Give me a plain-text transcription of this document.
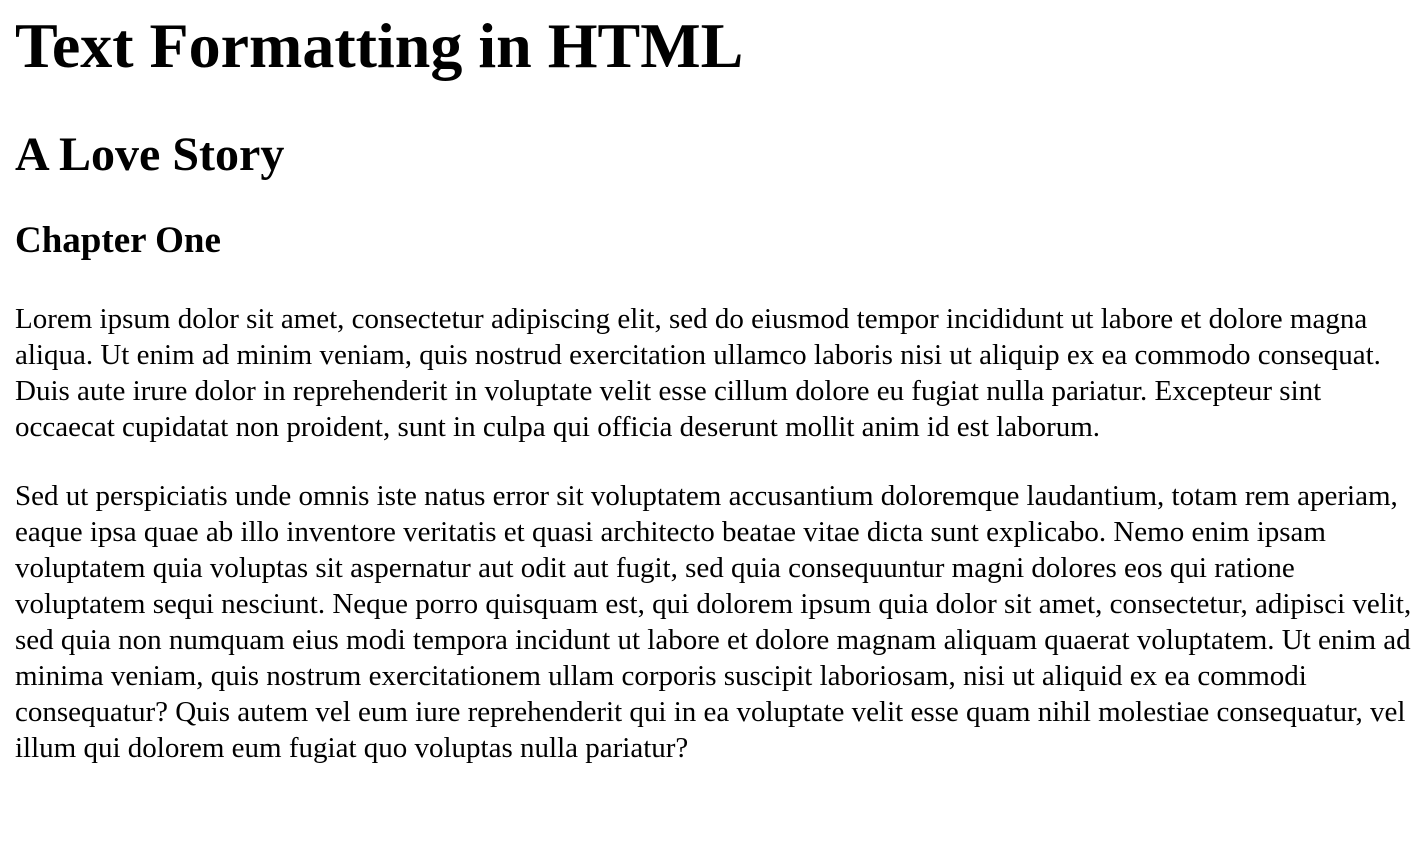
Text Formatting in HTML
A Love Story
Chapter One

Lorem ipsum dolor sit amet, consectetur adipiscing elit, sed do eiusmod tempor incididunt ut labore et dolore magna aliqua. Ut enim ad minim veniam, quis nostrud exercitation ullamco laboris nisi ut aliquip ex ea commodo consequat. Duis aute irure dolor in reprehenderit in voluptate velit esse cillum dolore eu fugiat nulla pariatur. Excepteur sint occaecat cupidatat non proident, sunt in culpa qui officia deserunt mollit anim id est laborum.

Sed ut perspiciatis unde omnis iste natus error sit voluptatem accusantium doloremque laudantium, totam rem aperiam, eaque ipsa quae ab illo inventore veritatis et quasi architecto beatae vitae dicta sunt explicabo. Nemo enim ipsam voluptatem quia voluptas sit aspernatur aut odit aut fugit, sed quia consequuntur magni dolores eos qui ratione voluptatem sequi nesciunt. Neque porro quisquam est, qui dolorem ipsum quia dolor sit amet, consectetur, adipisci velit, sed quia non numquam eius modi tempora incidunt ut labore et dolore magnam aliquam quaerat voluptatem. Ut enim ad minima veniam, quis nostrum exercitationem ullam corporis suscipit laboriosam, nisi ut aliquid ex ea commodi consequatur? Quis autem vel eum iure reprehenderit qui in ea voluptate velit esse quam nihil molestiae consequatur, vel illum qui dolorem eum fugiat quo voluptas nulla pariatur?
